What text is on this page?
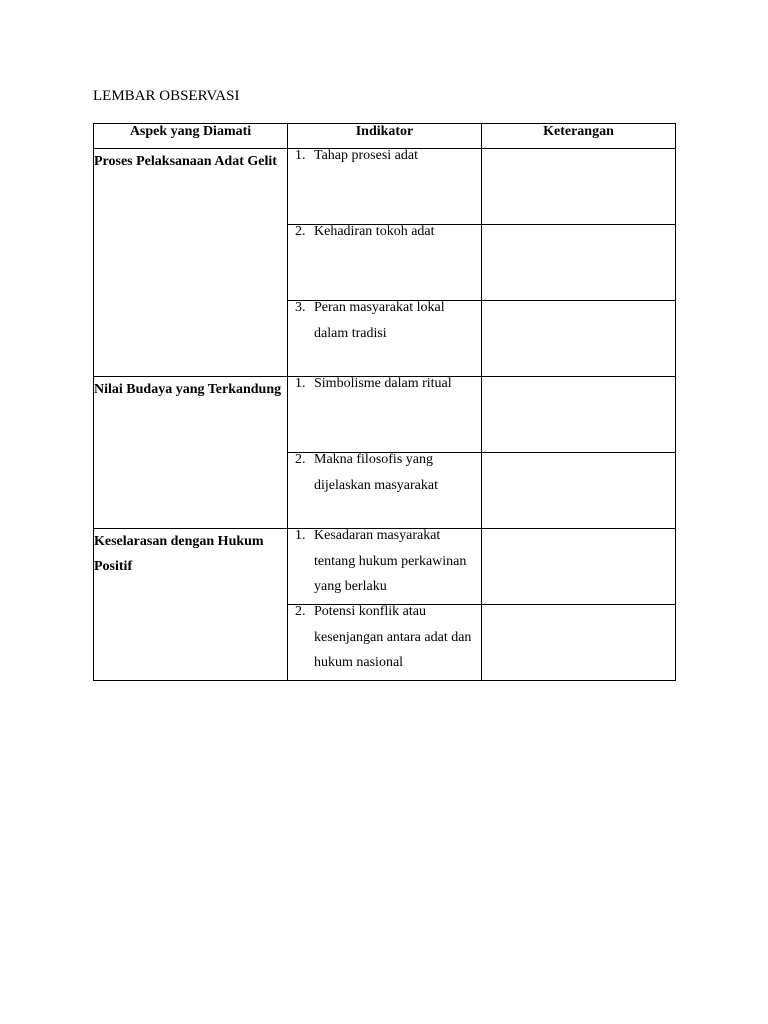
LEMBAR OBSERVASI
Aspek yang Diamati	Indikator	Keterangan
Proses Pelaksanaan Adat Gelit	1. Tahap prosesi adat	

	2. Kehadiran tokoh adat	

	3. Peran masyarakat lokal dalam tradisi	

Nilai Budaya yang Terkandung	1. Simbolisme dalam ritual	

	2. Makna filosofis yang dijelaskan masyarakat	

Keselarasan dengan Hukum Positif	1. Kesadaran masyarakat tentang hukum perkawinan yang berlaku	

	2. Potensi konflik atau kesenjangan antara adat dan hukum nasional	
